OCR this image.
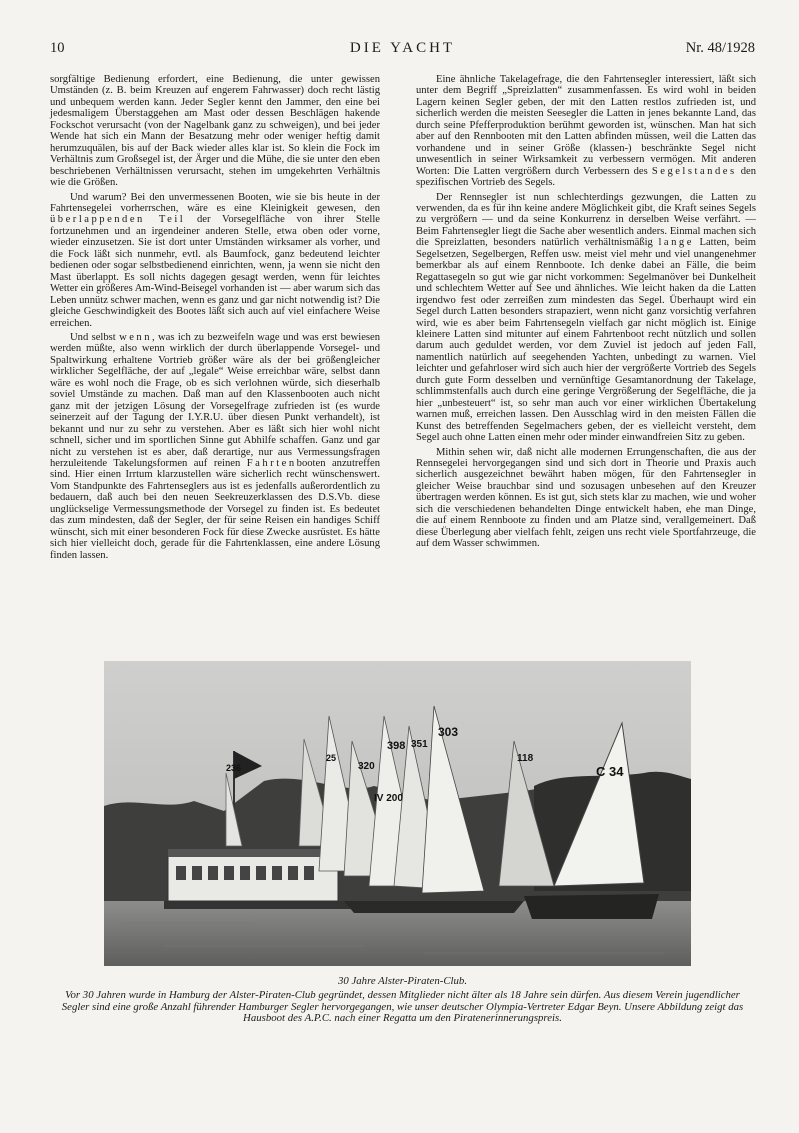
10	DIE YACHT	Nr. 48/1928

sorgfältige Bedienung erfordert, eine Bedienung, die unter gewissen Umständen (z. B. beim Kreuzen auf engerem Fahrwasser) doch recht lästig und unbequem werden kann. Jeder Segler kennt den Jammer, den eine bei jedesmaligem Überstaggehen am Mast oder dessen Beschlägen hakende Fockschot verursacht (von der Nagelbank ganz zu schweigen), und bei jeder Wende hat sich ein Mann der Besatzung mehr oder weniger heftig damit herumzuquälen, bis auf der Back wieder alles klar ist. So klein die Fock im Verhältnis zum Großsegel ist, der Ärger und die Mühe, die sie unter den eben beschriebenen Verhältnissen verursacht, stehen im umgekehrten Verhältnis wie die Größen.

Und warum? Bei den unvermessenen Booten, wie sie bis heute in der Fahrtensegelei vorherrschen, wäre es eine Kleinigkeit gewesen, den überlappenden Teil der Vorsegelfläche von ihrer Stelle fortzunehmen und an irgendeiner anderen Stelle, etwa oben oder vorne, wieder einzusetzen. Sie ist dort unter Umständen wirksamer als vorher, und die Fock läßt sich nunmehr, evtl. als Baumfock, ganz bedeutend leichter bedienen oder sogar selbstbedienend einrichten, wenn, ja wenn sie nicht den Mast überlappt. Es soll nichts dagegen gesagt werden, wenn für leichtes Wetter ein größeres Am-Wind-Beisegel vorhanden ist — aber warum sich das Leben unnütz schwer machen, wenn es ganz und gar nicht notwendig ist? Die gleiche Geschwindigkeit des Bootes läßt sich auch auf viel einfachere Weise erreichen.

Und selbst wenn, was ich zu bezweifeln wage und was erst bewiesen werden müßte, also wenn wirklich der durch überlappende Vorsegel- und Spaltwirkung erhaltene Vortrieb größer wäre als der bei größengleicher wirklicher Segelfläche, der auf „legale“ Weise erreichbar wäre, selbst dann wäre es wohl noch die Frage, ob es sich verlohnen würde, sich dieserhalb soviel Umstände zu machen. Daß man auf den Klassenbooten auch nicht ganz mit der jetzigen Lösung der Vorsegelfrage zufrieden ist (es wurde seinerzeit auf der Tagung der I.Y.R.U. über diesen Punkt verhandelt), ist bekannt und nur zu sehr zu verstehen. Aber es läßt sich hier wohl nicht schnell, sicher und im sportlichen Sinne gut Abhilfe schaffen. Ganz und gar nicht zu verstehen ist es aber, daß derartige, nur aus Vermessungsfragen herzuleitende Takelungsformen auf reinen Fahrtenbooten anzutreffen sind. Hier einen Irrtum klarzustellen wäre sicherlich recht wünschenswert. Vom Standpunkte des Fahrtenseglers aus ist es jedenfalls außerordentlich zu bedauern, daß auch bei den neuen Seekreuzerklassen des D.S.Vb. diese unglückselige Vermessungsmethode der Vorsegel zu finden ist. Es bedeutet das zum mindesten, daß der Segler, der für seine Reisen ein handiges Schiff wünscht, sich mit einer besonderen Fock für diese Zwecke ausrüstet. Es hätte sich hier vielleicht doch, gerade für die Fahrtenklassen, eine andere Lösung finden lassen.

Eine ähnliche Takelagefrage, die den Fahrtensegler interessiert, läßt sich unter dem Begriff „Spreizlatten“ zusammenfassen. Es wird wohl in beiden Lagern keinen Segler geben, der mit den Latten restlos zufrieden ist, und sicherlich werden die meisten Seesegler die Latten in jenes bekannte Land, das durch seine Pfefferproduktion berühmt geworden ist, wünschen. Man hat sich aber auf den Rennbooten mit den Latten abfinden müssen, weil die Latten das vorhandene und in seiner Größe (klassen-) beschränkte Segel nicht unwesentlich in seiner Wirksamkeit zu verbessern vermögen. Mit anderen Worten: Die Latten vergrößern durch Verbessern des Segelstandes den spezifischen Vortrieb des Segels.

Der Rennsegler ist nun schlechterdings gezwungen, die Latten zu verwenden, da es für ihn keine andere Möglichkeit gibt, die Kraft seines Segels zu vergrößern — und da seine Konkurrenz in derselben Weise verfährt. — Beim Fahrtensegler liegt die Sache aber wesentlich anders. Einmal machen sich die Spreizlatten, besonders natürlich verhältnismäßig lange Latten, beim Segelsetzen, Segelbergen, Reffen usw. meist viel mehr und viel unangenehmer bemerkbar als auf einem Rennboote. Ich denke dabei an Fälle, die beim Regattasegeln so gut wie gar nicht vorkommen: Segelmanöver bei Dunkelheit und schlechtem Wetter auf See und ähnliches. Wie leicht haken da die Latten irgendwo fest oder zerreißen zum mindesten das Segel. Überhaupt wird ein Segel durch Latten besonders strapaziert, wenn nicht ganz vorsichtig verfahren wird, wie es aber beim Fahrtensegeln vielfach gar nicht möglich ist. Einige kleinere Latten sind mitunter auf einem Fahrtenboot recht nützlich und sollen darum auch geduldet werden, vor dem Zuviel ist jedoch auf jeden Fall, namentlich natürlich auf seegehenden Yachten, unbedingt zu warnen. Viel leichter und gefahrloser wird sich auch hier der vergrößerte Vortrieb des Segels durch gute Form desselben und vernünftige Gesamtanordnung der Takelage, schlimmstenfalls auch durch eine geringe Vergrößerung der Segelfläche, die ja hier „unbesteuert“ ist, so sehr man auch vor einer wirklichen Übertakelung warnen muß, erreichen lassen. Den Ausschlag wird in den meisten Fällen die Kunst des betreffenden Segelmachers geben, der es vielleicht versteht, dem Segel auch ohne Latten einen mehr oder minder einwandfreien Sitz zu geben.

Mithin sehen wir, daß nicht alle modernen Errungenschaften, die aus der Rennsegelei hervorgegangen sind und sich dort in Theorie und Praxis auch sicherlich ausgezeichnet bewährt haben mögen, für den Fahrtensegler in gleicher Weise brauchbar sind und sozusagen unbesehen auf den Kreuzer übertragen werden können. Es ist gut, sich stets klar zu machen, wie und woher sich die verschiedenen behandelten Dinge entwickelt haben, ehe man Dinge, die auf einem Rennboote zu finden und am Platze sind, verallgemeinert. Daß diese Überlegung aber vielfach fehlt, zeigen uns recht viele Sportfahrzeuge, die auf dem Wasser schwimmen.

303
118
C 34
398 351
IV 200
320
236
25
30 Jahre Alster-Piraten-Club.
Vor 30 Jahren wurde in Hamburg der Alster-Piraten-Club gegründet, dessen Mitglieder nicht älter als 18 Jahre sein dürfen. Aus diesem Verein jugendlicher Segler sind eine große Anzahl führender Hamburger Segler hervorgegangen, wie unser deutscher Olympia-Vertreter Edgar Beyn. Unsere Abbildung zeigt das Hausboot des A.P.C. nach einer Regatta um den Piratenerinnerungspreis.
